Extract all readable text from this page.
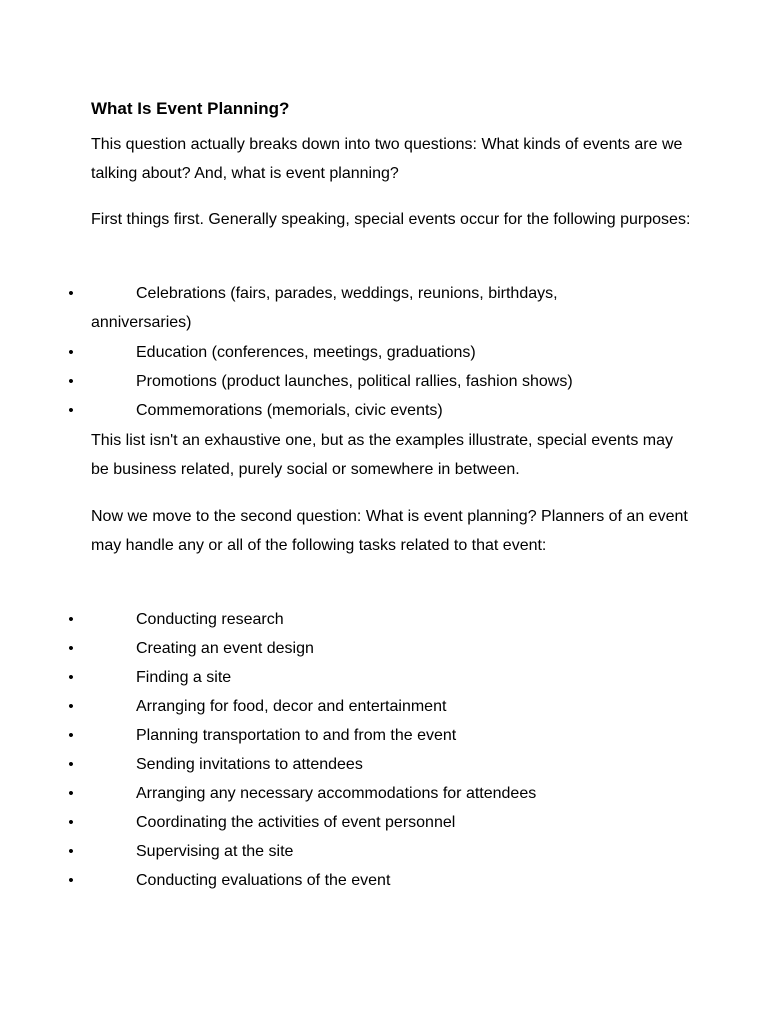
What Is Event Planning?

This question actually breaks down into two questions: What kinds of events are we talking about? And, what is event planning?

First things first. Generally speaking, special events occur for the following purposes:

•	Celebrations (fairs, parades, weddings, reunions, birthdays,
anniversaries)
•	Education (conferences, meetings, graduations)
•	Promotions (product launches, political rallies, fashion shows)
•	Commemorations (memorials, civic events)

This list isn't an exhaustive one, but as the examples illustrate, special events may be business related, purely social or somewhere in between.

Now we move to the second question: What is event planning? Planners of an event may handle any or all of the following tasks related to that event:

•	Conducting research
•	Creating an event design
•	Finding a site
•	Arranging for food, decor and entertainment
•	Planning transportation to and from the event
•	Sending invitations to attendees
•	Arranging any necessary accommodations for attendees
•	Coordinating the activities of event personnel
•	Supervising at the site
•	Conducting evaluations of the event
